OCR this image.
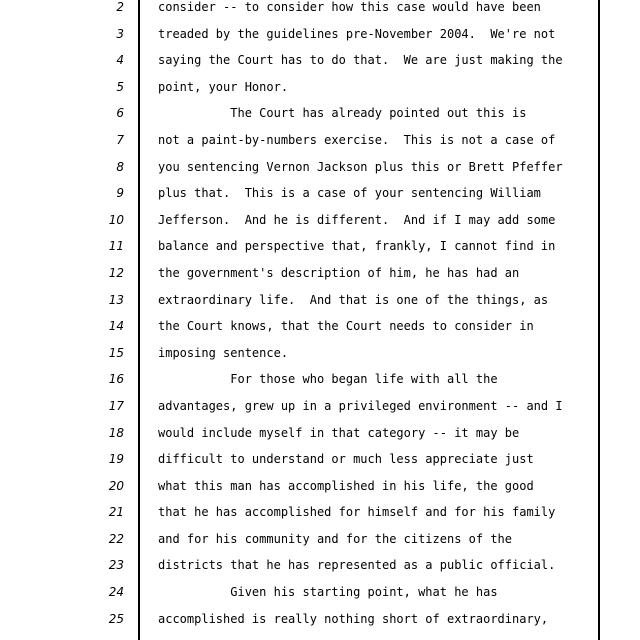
2
3
4
5
6
7
8
9
10
11
12
13
14
15
16
17
18
19
20
21
22
23
24
25
consider -- to consider how this case would have been
treaded by the guidelines pre-November 2004.  We're not
saying the Court has to do that.  We are just making the
point, your Honor.
The Court has already pointed out this is
not a paint-by-numbers exercise.  This is not a case of
you sentencing Vernon Jackson plus this or Brett Pfeffer
plus that.  This is a case of your sentencing William
Jefferson.  And he is different.  And if I may add some
balance and perspective that, frankly, I cannot find in
the government's description of him, he has had an
extraordinary life.  And that is one of the things, as
the Court knows, that the Court needs to consider in
imposing sentence.
For those who began life with all the
advantages, grew up in a privileged environment -- and I
would include myself in that category -- it may be
difficult to understand or much less appreciate just
what this man has accomplished in his life, the good
that he has accomplished for himself and for his family
and for his community and for the citizens of the
districts that he has represented as a public official.
Given his starting point, what he has
accomplished is really nothing short of extraordinary,
